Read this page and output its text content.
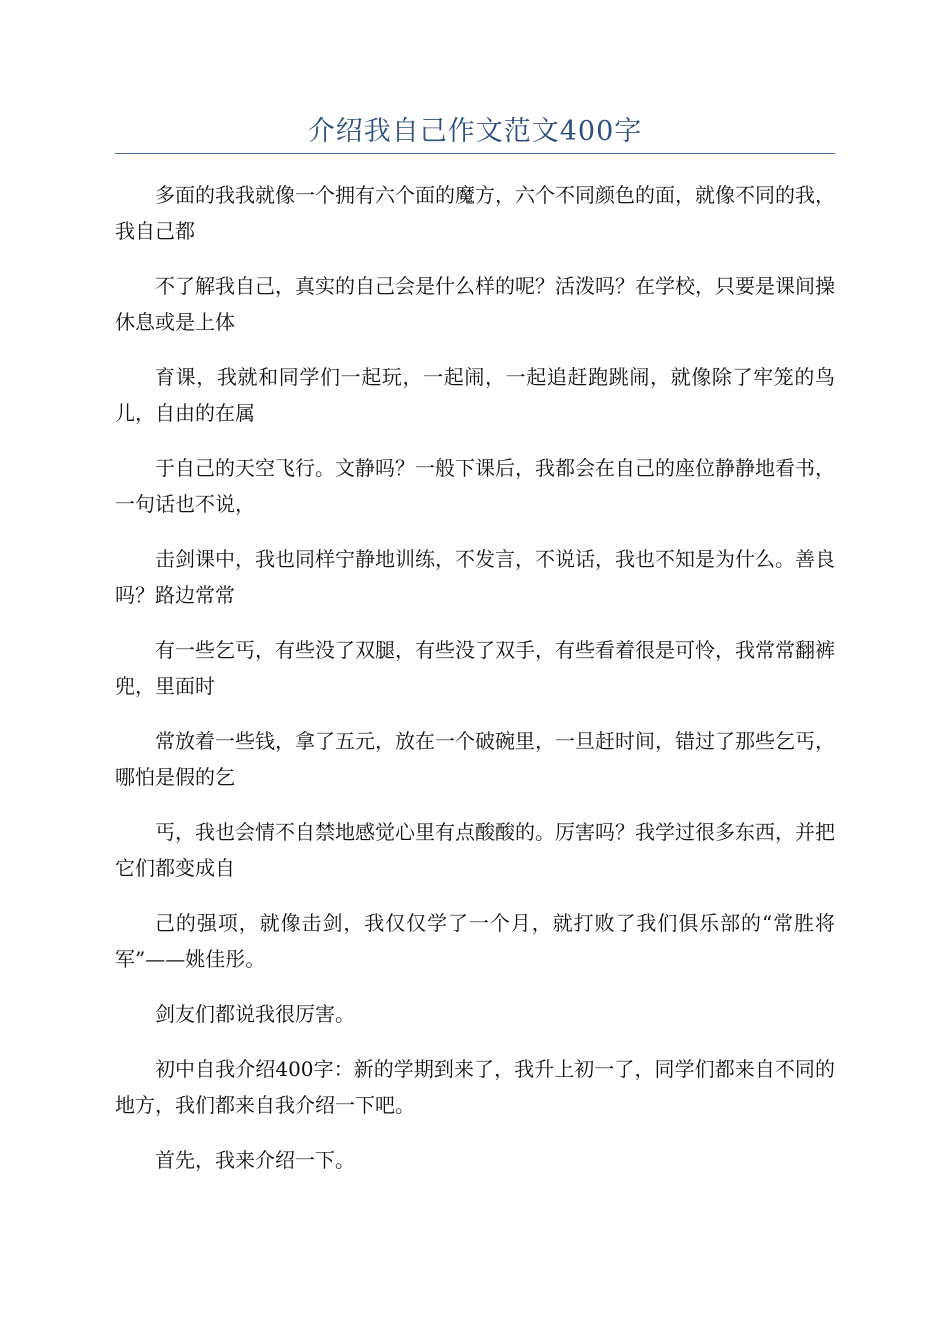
介绍我自己作文范文400字

多面的我我就像一个拥有六个面的魔方，六个不同颜色的面，就像不同的我，我自己都

不了解我自己，真实的自己会是什么样的呢？活泼吗？在学校，只要是课间操休息或是上体

育课，我就和同学们一起玩，一起闹，一起追赶跑跳闹，就像除了牢笼的鸟儿，自由的在属

于自己的天空飞行。文静吗？一般下课后，我都会在自己的座位静静地看书，一句话也不说，

击剑课中，我也同样宁静地训练，不发言，不说话，我也不知是为什么。善良吗？路边常常

有一些乞丐，有些没了双腿，有些没了双手，有些看着很是可怜，我常常翻裤兜，里面时

常放着一些钱，拿了五元，放在一个破碗里，一旦赶时间，错过了那些乞丐，哪怕是假的乞

丐，我也会情不自禁地感觉心里有点酸酸的。厉害吗？我学过很多东西，并把它们都变成自

己的强项，就像击剑，我仅仅学了一个月，就打败了我们俱乐部的“常胜将军”——姚佳彤。

剑友们都说我很厉害。

初中自我介绍400字：新的学期到来了，我升上初一了，同学们都来自不同的地方，我们都来自我介绍一下吧。

首先，我来介绍一下。
